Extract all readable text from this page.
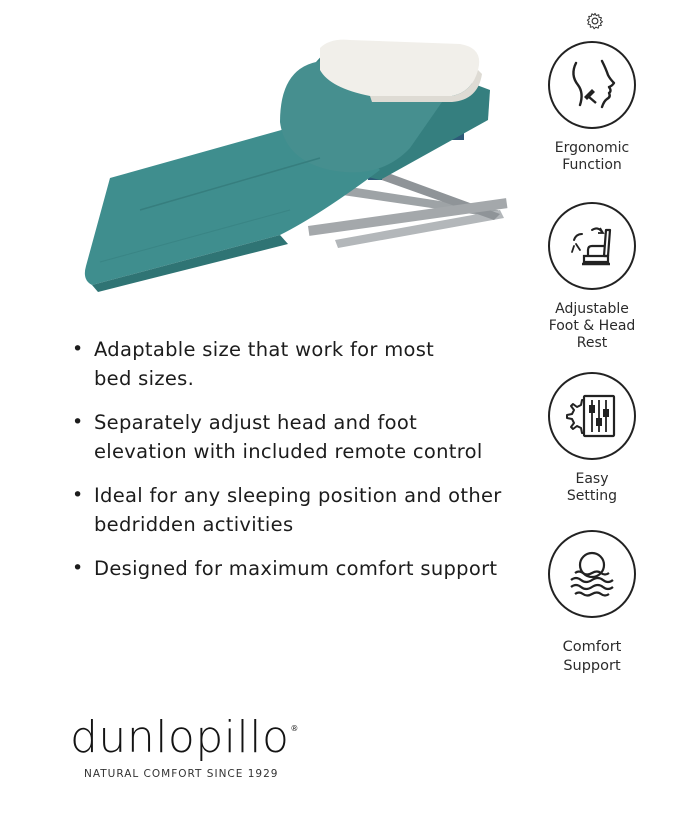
• Adaptable size that work for most
bed sizes.
• Separately adjust head and foot
elevation with included remote control
• Ideal for any sleeping position and other
bedridden activities
• Designed for maximum comfort support
Ergonomic
Function
Adjustable
Foot & Head
Rest
Easy
Setting
Comfort
Support
dunlopillo®
NATURAL COMFORT SINCE 1929
